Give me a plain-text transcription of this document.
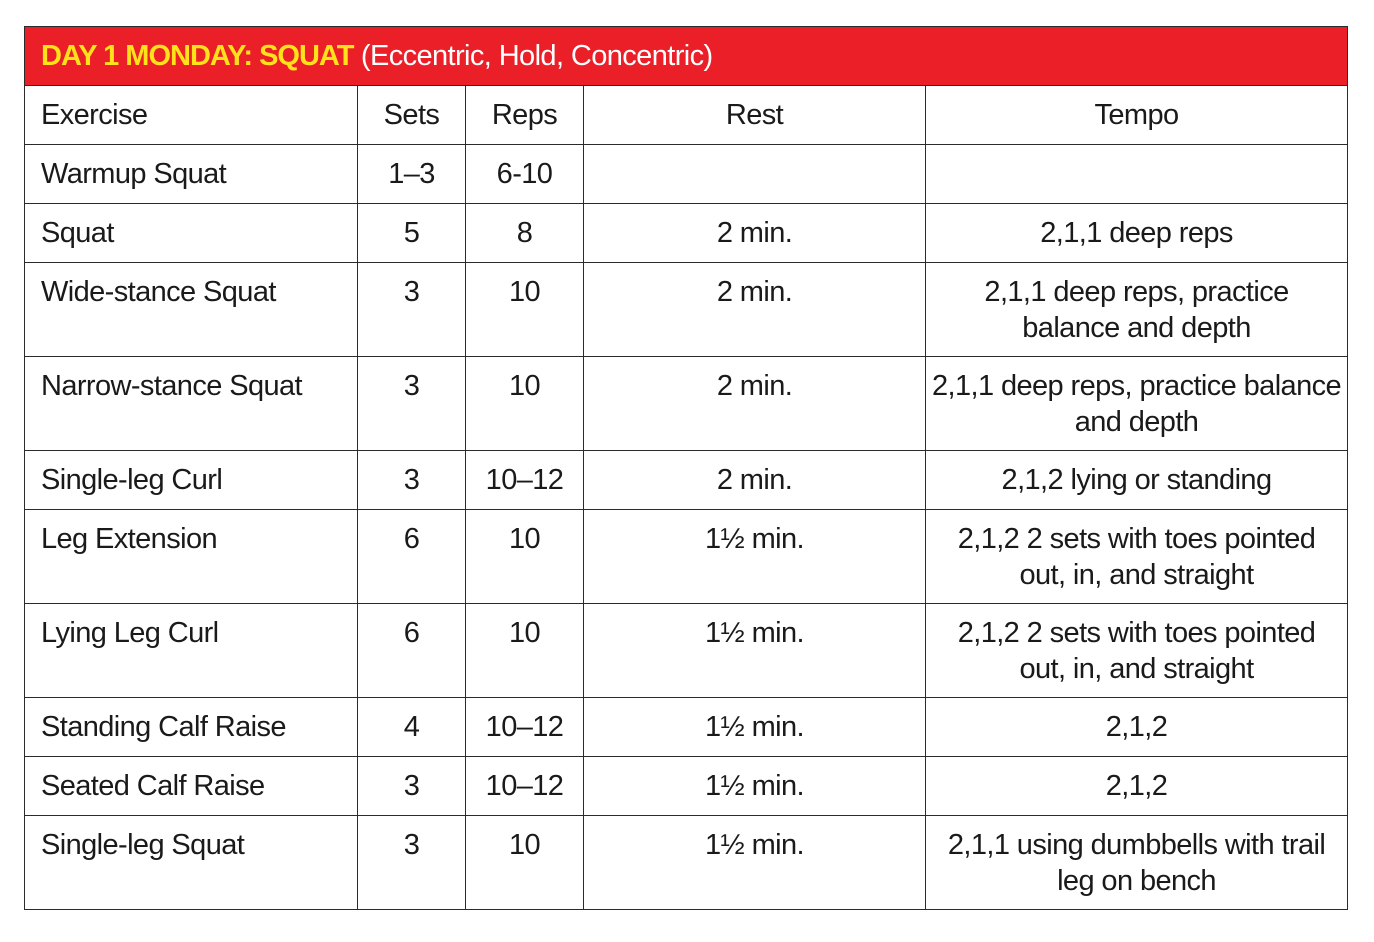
DAY 1 MONDAY: SQUAT (Eccentric, Hold, Concentric)				
Exercise	Sets	Reps	Rest	Tempo
Warmup Squat	1–3	6-10		
Squat	5	8	2 min.	2,1,1 deep reps
Wide-stance Squat	3	10	2 min.	2,1,1 deep reps, practice balance and depth
Narrow-stance Squat	3	10	2 min.	2,1,1 deep reps, practice balance and depth
Single-leg Curl	3	10–12	2 min.	2,1,2 lying or standing
Leg Extension	6	10	1½ min.	2,1,2 2 sets with toes pointed out, in, and straight
Lying Leg Curl	6	10	1½ min.	2,1,2 2 sets with toes pointed out, in, and straight
Standing Calf Raise	4	10–12	1½ min.	2,1,2
Seated Calf Raise	3	10–12	1½ min.	2,1,2
Single-leg Squat	3	10	1½ min.	2,1,1 using dumbbells with trail leg on bench
